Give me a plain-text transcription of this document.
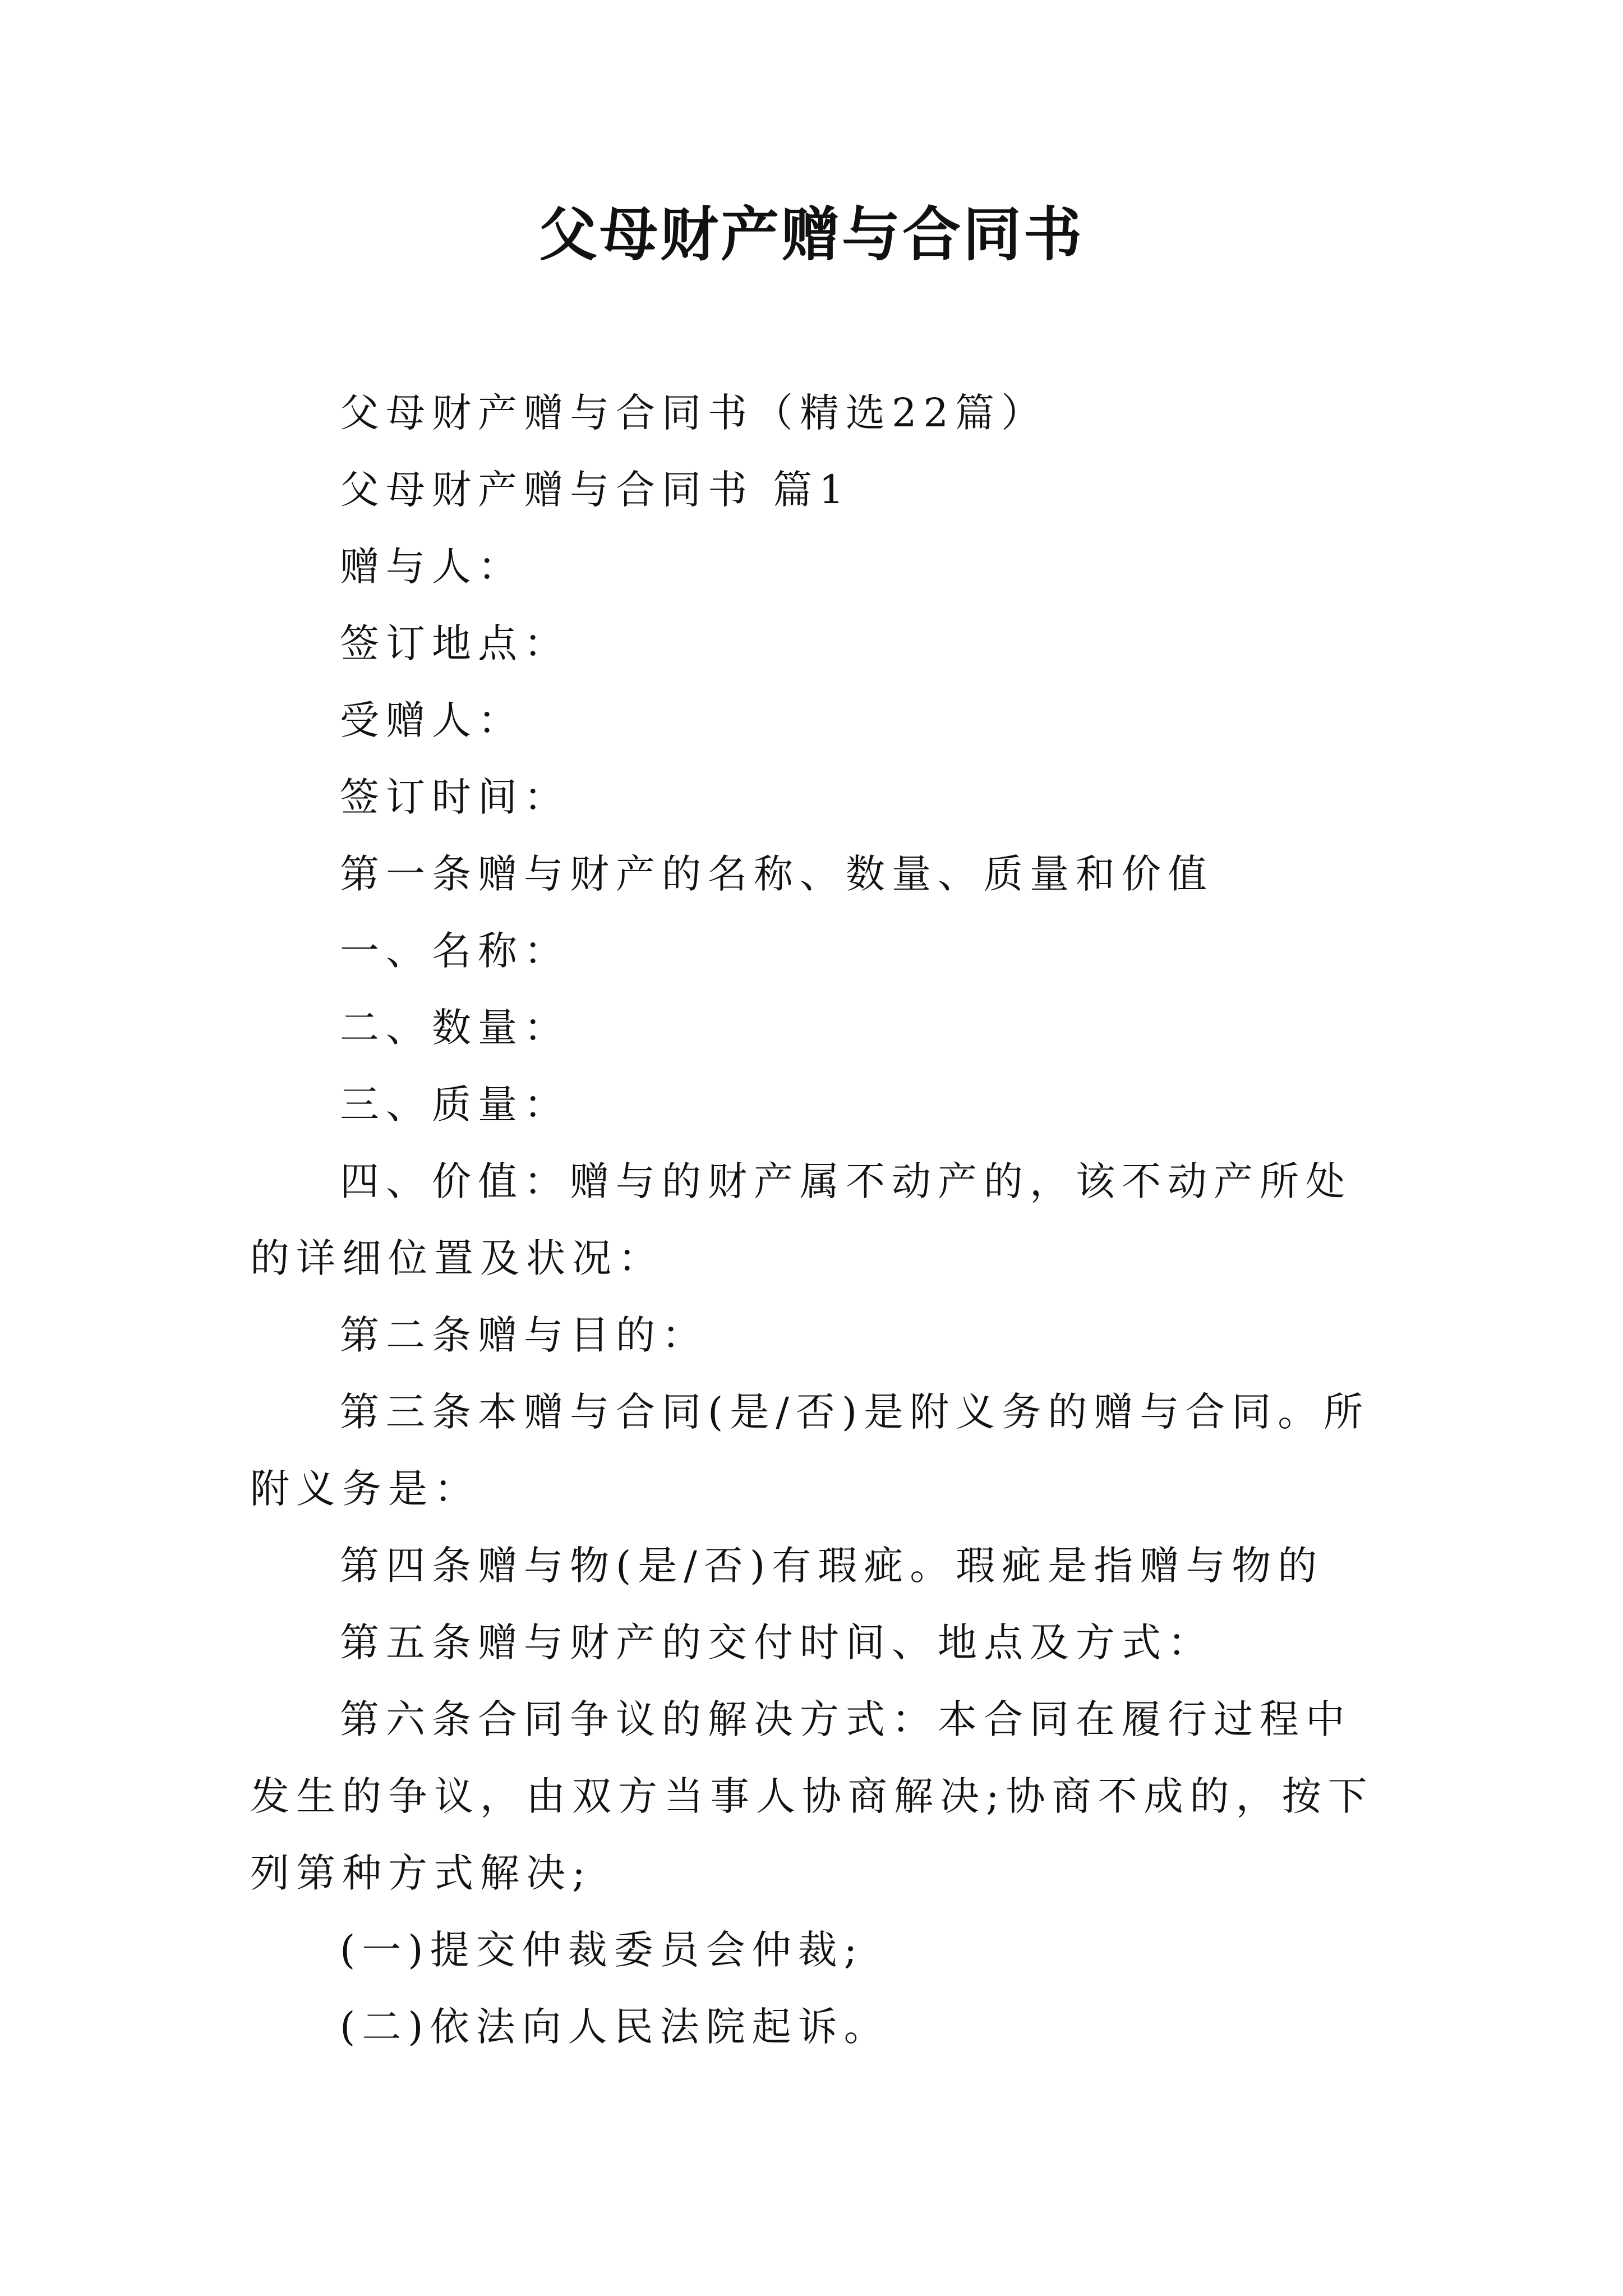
父母财产赠与合同书

父母财产赠与合同书（精选22篇）

父母财产赠与合同书 篇1

赠与人：

签订地点：

受赠人：

签订时间：

第一条赠与财产的名称、数量、质量和价值

一、名称：

二、数量：

三、质量：

四、价值：赠与的财产属不动产的，该不动产所处的详细位置及状况：

第二条赠与目的：

第三条本赠与合同(是/否)是附义务的赠与合同。所附义务是：

第四条赠与物(是/否)有瑕疵。瑕疵是指赠与物的

第五条赠与财产的交付时间、地点及方式：

第六条合同争议的解决方式：本合同在履行过程中发生的争议，由双方当事人协商解决;协商不成的，按下列第种方式解决;

(一)提交仲裁委员会仲裁;

(二)依法向人民法院起诉。
